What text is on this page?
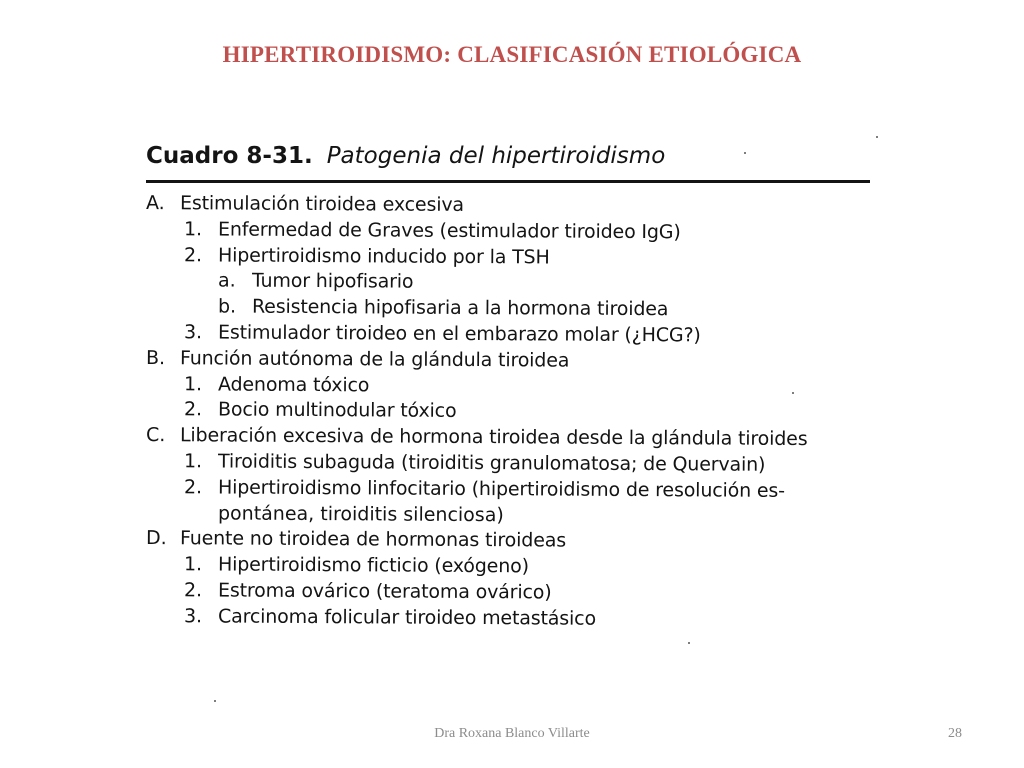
HIPERTIROIDISMO: CLASIFICASIÓN ETIOLÓGICA
Cuadro 8-31. Patogenia del hipertiroidismo
A. Estimulación tiroidea excesiva
1. Enfermedad de Graves (estimulador tiroideo IgG)
2. Hipertiroidismo inducido por la TSH
a. Tumor hipofisario
b. Resistencia hipofisaria a la hormona tiroidea
3. Estimulador tiroideo en el embarazo molar (¿HCG?)
B. Función autónoma de la glándula tiroidea
1. Adenoma tóxico
2. Bocio multinodular tóxico
C. Liberación excesiva de hormona tiroidea desde la glándula tiroides
1. Tiroiditis subaguda (tiroiditis granulomatosa; de Quervain)
2. Hipertiroidismo linfocitario (hipertiroidismo de resolución es-
pontánea, tiroiditis silenciosa)
D. Fuente no tiroidea de hormonas tiroideas
1. Hipertiroidismo ficticio (exógeno)
2. Estroma ovárico (teratoma ovárico)
3. Carcinoma folicular tiroideo metastásico
Dra Roxana Blanco Villarte	28
